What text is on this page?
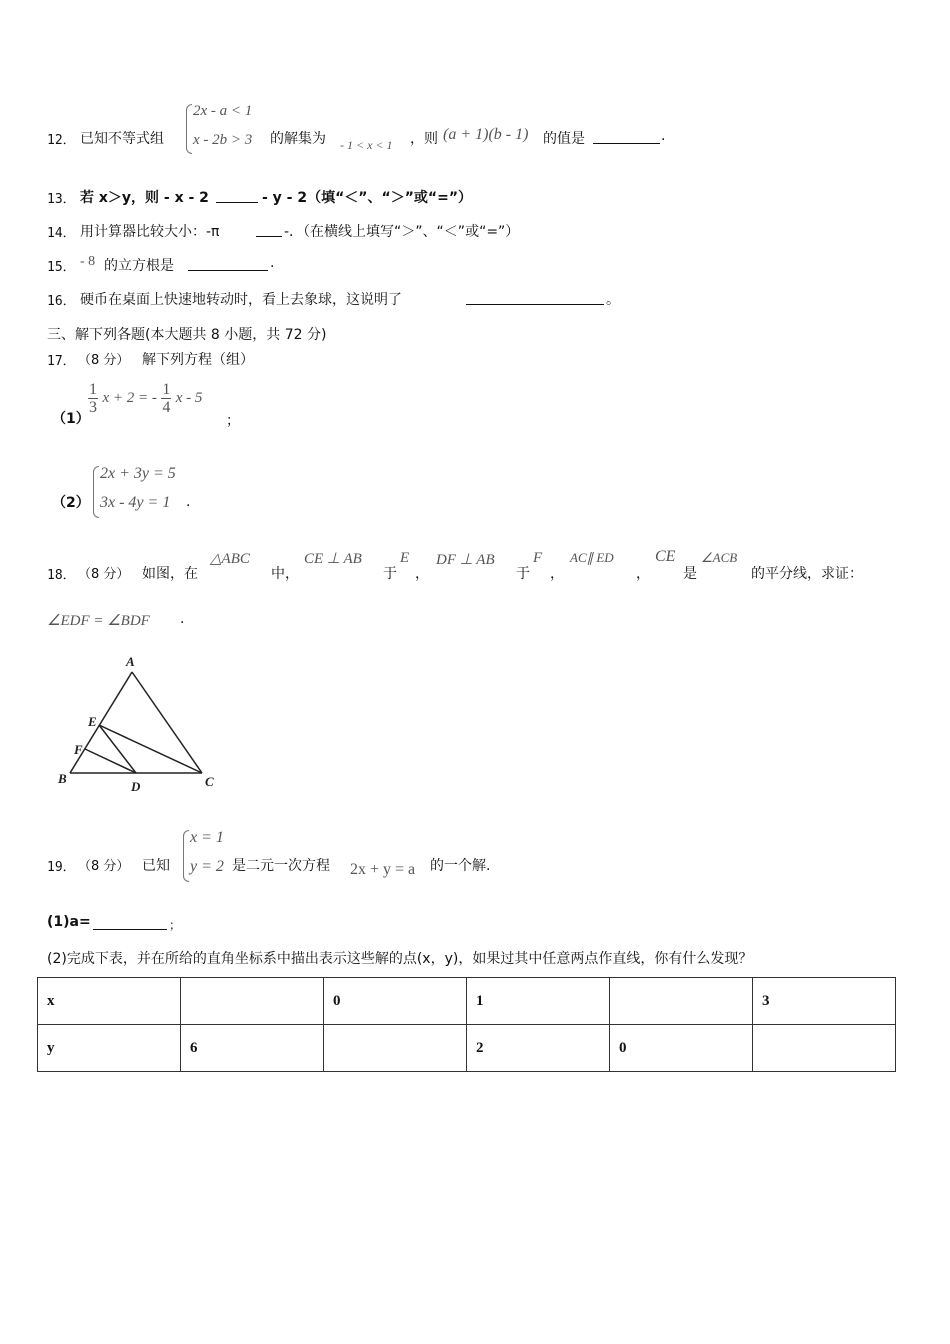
12． 已知不等式组
2x - a < 1
x - 2b > 3 的解集为 - 1 < x < 1 ，则 (a + 1)(b - 1) 的值是	.
13． 若 x＞y，则 - x - 2	- y - 2（填“＜”、“＞”或“=”）
14． 用计算器比较大小：-π	-．（在横线上填写“＞”、“＜”或“=”）
15． - 8 的立方根是	.
16． 硬币在桌面上快速地转动时，看上去象球，这说明了	。
三、解下列各题(本大题共 8 小题，共 72 分)
17． （8 分） 解下列方程（组）
（1）
$\frac{1}{3}$ x + 2 = - $\frac{1}{4}$ x - 5
；
（2）
2x + 3y = 5
3x - 4y = 1 .
18． （8 分） 如图，在
△ABC
中，
CE ⊥ AB
于
E
，
DF ⊥ AB
于
F
，
AC∥ ED
，
CE
是
∠ACB
的平分线，求证：
∠EDF = ∠BDF .
A
E
F
B
D	C
19． （8 分） 已知
x = 1
y = 2 是二元一次方程 2x + y = a 的一个解.
(1)a=	；
(2)完成下表，并在所给的直角坐标系中描出表示这些解的点(x，y)，如果过其中任意两点作直线，你有什么发现？
x		0	1		3
y	6		2	0	
